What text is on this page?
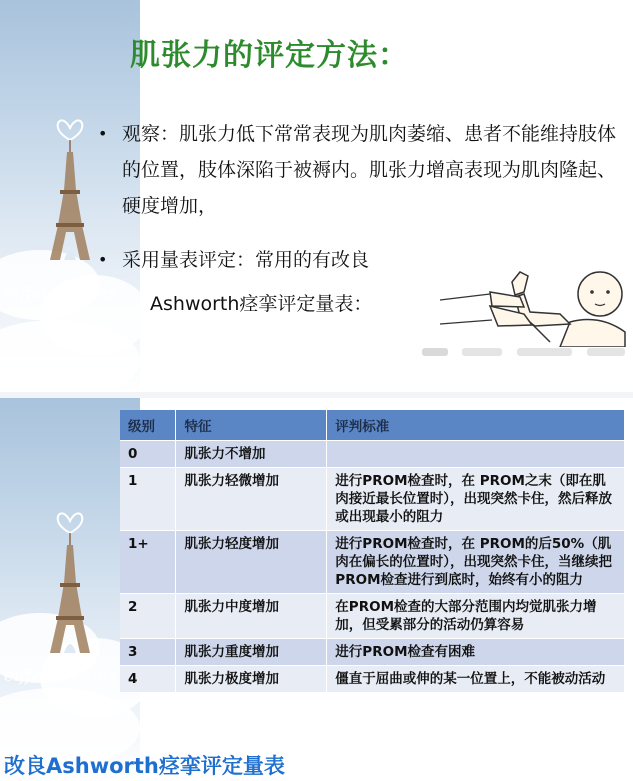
eiffel dreams
肌张力的评定方法：
• 观察：肌张力低下常常表现为肌肉萎缩、患者不能维持肢体的位置，肢体深陷于被褥内。肌张力增高表现为肌肉隆起、硬度增加，
• 采用量表评定：常用的有改良
Ashworth痉挛评定量表：
eiffel dreams
级别	特征	评判标准
0	肌张力不增加	
1	肌张力轻微增加	进行PROM检查时，在 PROM之末（即在肌肉接近最长位置时），出现突然卡住，然后释放或出现最小的阻力
1+	肌张力轻度增加	进行PROM检查时，在 PROM的后50%（肌肉在偏长的位置时），出现突然卡住，当继续把PROM检查进行到底时，始终有小的阻力
2	肌张力中度增加	在PROM检查的大部分范围内均觉肌张力增加，但受累部分的活动仍算容易
3	肌张力重度增加	进行PROM检查有困难
4	肌张力极度增加	僵直于屈曲或伸的某一位置上，不能被动活动
改良Ashworth痉挛评定量表
